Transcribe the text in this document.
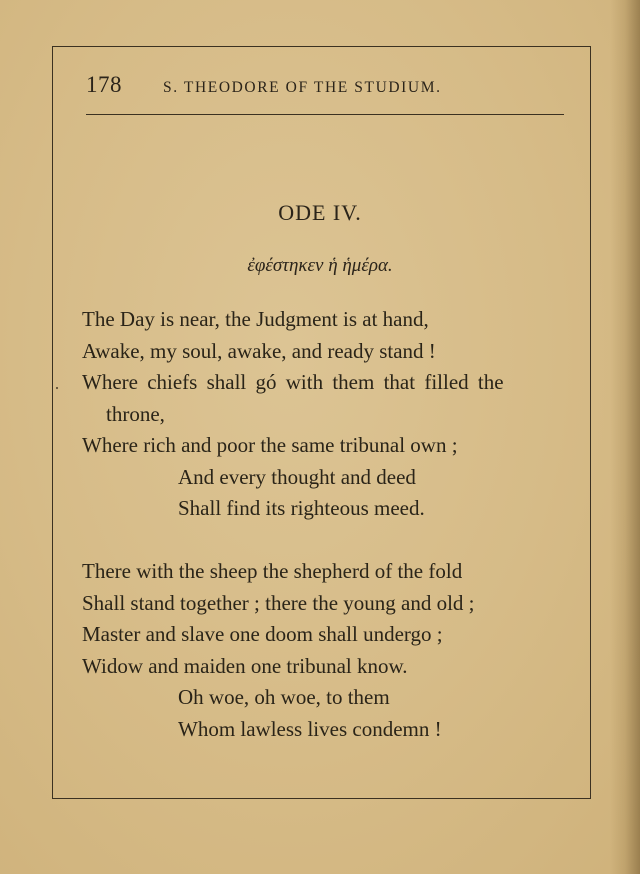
178	S. THEODORE OF THE STUDIUM.
ODE IV.
ἐφέστηκεν ἡ ἡμέρα.
The Day is near, the Judgment is at hand,
Awake, my soul, awake, and ready stand !
Where chiefs shall gó with them that filled the
throne,
Where rich and poor the same tribunal own ;
And every thought and deed
Shall find its righteous meed.
There with the sheep the shepherd of the fold
Shall stand together ; there the young and old ;
Master and slave one doom shall undergo ;
Widow and maiden one tribunal know.
Oh woe, oh woe, to them
Whom lawless lives condemn !
